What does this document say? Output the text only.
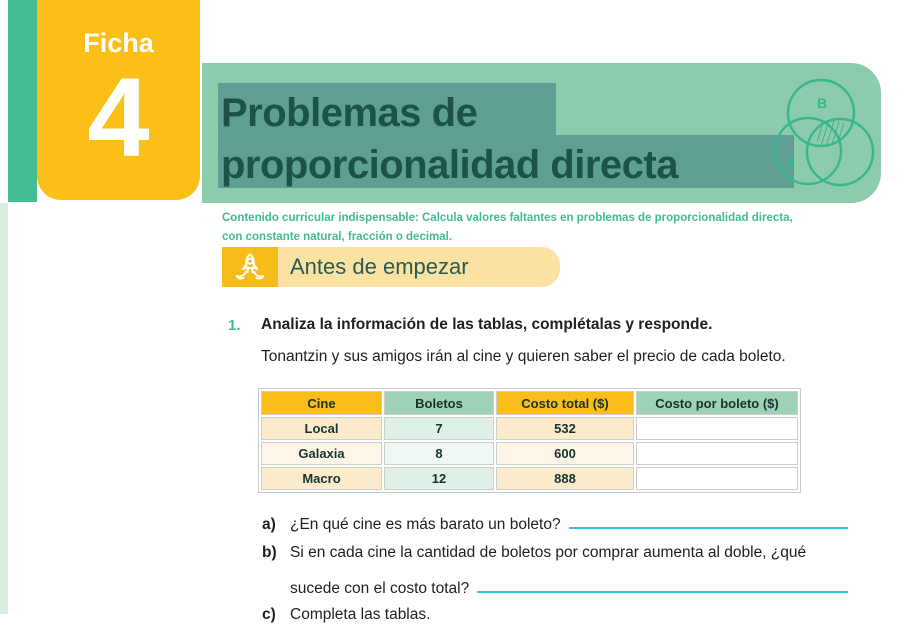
B
A
Problemas de
proporcionalidad directa
Ficha
4
Contenido curricular indispensable: Calcula valores faltantes en problemas de proporcionalidad directa,
con constante natural, fracción o decimal.
Antes de empezar
1. Analiza la información de las tablas, complétalas y responde.
Tonantzin y sus amigos irán al cine y quieren saber el precio de cada boleto.
Cine	Boletos	Costo total ($)	Costo por boleto ($)
Local	7	532	
Galaxia	8	600	
Macro	12	888	
a) ¿En qué cine es más barato un boleto?
b) Si en cada cine la cantidad de boletos por comprar aumenta al doble, ¿qué
sucede con el costo total?
c) Completa las tablas.
